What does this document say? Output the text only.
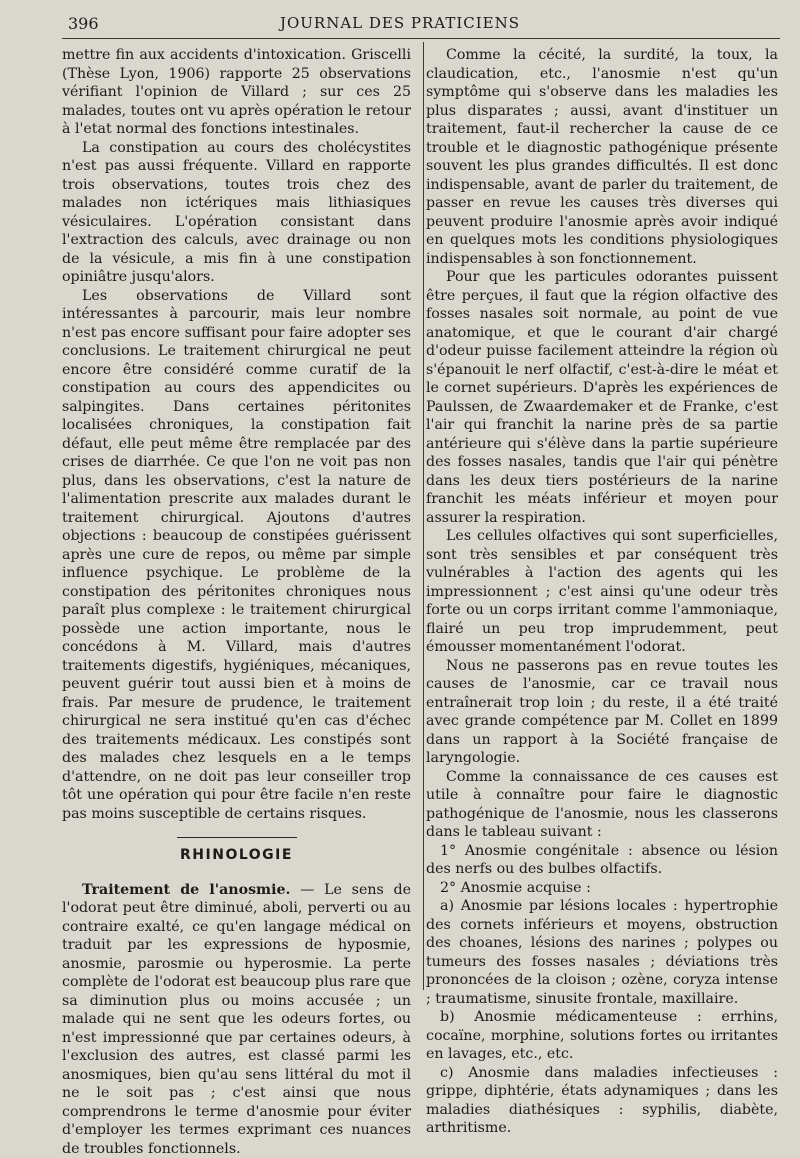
396	JOURNAL DES PRATICIENS

mettre fin aux accidents d'intoxication. Griscelli (Thèse Lyon, 1906) rapporte 25 observations vérifiant l'opinion de Villard ; sur ces 25 malades, toutes ont vu après opération le retour à l'etat normal des fonctions intestinales.

La constipation au cours des cholécystites n'est pas aussi fréquente. Villard en rapporte trois observations, toutes trois chez des malades non ictériques mais lithiasiques vésiculaires. L'opération consistant dans l'extraction des calculs, avec drainage ou non de la vésicule, a mis fin à une constipation opiniâtre jusqu'alors.

Les observations de Villard sont intéressantes à parcourir, mais leur nombre n'est pas encore suffisant pour faire adopter ses conclusions. Le traitement chirurgical ne peut encore être considéré comme curatif de la constipation au cours des appendicites ou salpingites. Dans certaines péritonites localisées chroniques, la constipation fait défaut, elle peut même être remplacée par des crises de diarrhée. Ce que l'on ne voit pas non plus, dans les observations, c'est la nature de l'alimentation prescrite aux malades durant le traitement chirurgical. Ajoutons d'autres objections : beaucoup de constipées guérissent après une cure de repos, ou même par simple influence psychique. Le problème de la constipation des péritonites chroniques nous paraît plus complexe : le traitement chirurgical possède une action importante, nous le concédons à M. Villard, mais d'autres traitements digestifs, hygiéniques, mécaniques, peuvent guérir tout aussi bien et à moins de frais. Par mesure de prudence, le traitement chirurgical ne sera institué qu'en cas d'échec des traitements médicaux. Les constipés sont des malades chez lesquels en a le temps d'attendre, on ne doit pas leur conseiller trop tôt une opération qui pour être facile n'en reste pas moins susceptible de certains risques.

RHINOLOGIE

Traitement de l'anosmie. — Le sens de l'odorat peut être diminué, aboli, perverti ou au contraire exalté, ce qu'en langage médical on traduit par les expressions de hyposmie, anosmie, parosmie ou hyperosmie. La perte complète de l'odorat est beaucoup plus rare que sa diminution plus ou moins accusée ; un malade qui ne sent que les odeurs fortes, ou n'est impressionné que par certaines odeurs, à l'exclusion des autres, est classé parmi les anosmiques, bien qu'au sens littéral du mot il ne le soit pas ; c'est ainsi que nous comprendrons le terme d'anosmie pour éviter d'employer les termes exprimant ces nuances de troubles fonctionnels.

Comme la cécité, la surdité, la toux, la claudication, etc., l'anosmie n'est qu'un symptôme qui s'observe dans les maladies les plus disparates ; aussi, avant d'instituer un traitement, faut-il rechercher la cause de ce trouble et le diagnostic pathogénique présente souvent les plus grandes difficultés. Il est donc indispensable, avant de parler du traitement, de passer en revue les causes très diverses qui peuvent produire l'anosmie après avoir indiqué en quelques mots les conditions physiologiques indispensables à son fonctionnement.

Pour que les particules odorantes puissent être perçues, il faut que la région olfactive des fosses nasales soit normale, au point de vue anatomique, et que le courant d'air chargé d'odeur puisse facilement atteindre la région où s'épanouit le nerf olfactif, c'est-à-dire le méat et le cornet supérieurs. D'après les expériences de Paulssen, de Zwaardemaker et de Franke, c'est l'air qui franchit la narine près de sa partie antérieure qui s'élève dans la partie supérieure des fosses nasales, tandis que l'air qui pénètre dans les deux tiers postérieurs de la narine franchit les méats inférieur et moyen pour assurer la respiration.

Les cellules olfactives qui sont superficielles, sont très sensibles et par conséquent très vulnérables à l'action des agents qui les impressionnent ; c'est ainsi qu'une odeur très forte ou un corps irritant comme l'ammoniaque, flairé un peu trop imprudemment, peut émousser momentanément l'odorat.

Nous ne passerons pas en revue toutes les causes de l'anosmie, car ce travail nous entraînerait trop loin ; du reste, il a été traité avec grande compétence par M. Collet en 1899 dans un rapport à la Société française de laryngologie.

Comme la connaissance de ces causes est utile à connaître pour faire le diagnostic pathogénique de l'anosmie, nous les classerons dans le tableau suivant :

1° Anosmie congénitale : absence ou lésion des nerfs ou des bulbes olfactifs.

2° Anosmie acquise :

a) Anosmie par lésions locales : hypertrophie des cornets inférieurs et moyens, obstruction des choanes, lésions des narines ; polypes ou tumeurs des fosses nasales ; déviations très prononcées de la cloison ; ozène, coryza intense ; traumatisme, sinusite frontale, maxillaire.

b) Anosmie médicamenteuse : errhins, cocaïne, morphine, solutions fortes ou irritantes en lavages, etc., etc.

c) Anosmie dans maladies infectieuses : grippe, diphtérie, états adynamiques ; dans les maladies diathésiques : syphilis, diabète, arthritisme.
